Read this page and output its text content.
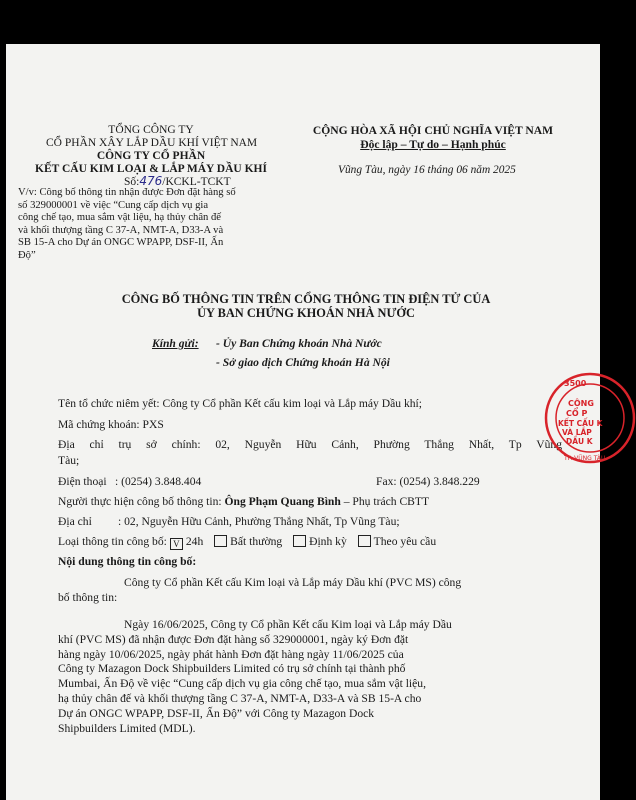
TỔNG CÔNG TY
CỔ PHẦN XÂY LẮP DẦU KHÍ VIỆT NAM
CÔNG TY CỔ PHẦN
KẾT CẤU KIM LOẠI & LẮP MÁY DẦU KHÍ
Số:476/KCKL-TCKT
V/v: Công bố thông tin nhận được Đơn đặt hàng số
số 329000001 về việc “Cung cấp dịch vụ gia
công chế tạo, mua sắm vật liệu, hạ thủy chân đế
và khối thượng tầng C 37-A, NMT-A, D33-A và
SB 15-A cho Dự án ONGC WPAPP, DSF-II, Ấn
Độ”
CỘNG HÒA XÃ HỘI CHỦ NGHĨA VIỆT NAM
Độc lập – Tự do – Hạnh phúc
Vũng Tàu, ngày 16 tháng 06 năm 2025
CÔNG BỐ THÔNG TIN TRÊN CỔNG THÔNG TIN ĐIỆN TỬ CỦA
ỦY BAN CHỨNG KHOÁN NHÀ NƯỚC
Kính gửi: - Ủy Ban Chứng khoán Nhà Nước
- Sở giao dịch Chứng khoán Hà Nội
Tên tổ chức niêm yết: Công ty Cổ phần Kết cấu kim loại và Lắp máy Dầu khí;
Mã chứng khoán: PXS
Địa chỉ trụ sở chính: 02, Nguyễn Hữu Cảnh, Phường Thắng Nhất, Tp Vũng
Tàu;
Điện thoại : (0254) 3.848.404	Fax: (0254) 3.848.229
Người thực hiện công bố thông tin: Ông Phạm Quang Bình – Phụ trách CBTT
Địa chỉ : 02, Nguyễn Hữu Cảnh, Phường Thắng Nhất, Tp Vũng Tàu;
Loại thông tin công bố: V 24h Bất thường Định kỳ Theo yêu cầu
Nội dung thông tin công bố:
Công ty Cổ phần Kết cấu Kim loại và Lắp máy Dầu khí (PVC MS) công
bố thông tin:
Ngày 16/06/2025, Công ty Cổ phần Kết cấu Kim loại và Lắp máy Dầu
khí (PVC MS) đã nhận được Đơn đặt hàng số 329000001, ngày ký Đơn đặt
hàng ngày 10/06/2025, ngày phát hành Đơn đặt hàng ngày 11/06/2025 của
Công ty Mazagon Dock Shipbuilders Limited có trụ sở chính tại thành phố
Mumbai, Ấn Độ về việc “Cung cấp dịch vụ gia công chế tạo, mua sắm vật liệu,
hạ thủy chân đế và khối thượng tầng C 37-A, NMT-A, D33-A và SB 15-A cho
Dự án ONGC WPAPP, DSF-II, Ấn Độ” với Công ty Mazagon Dock
Shipbuilders Limited (MDL).
3500
CÔNG
CỔ P
KẾT CẤU K
VÀ LẮP
DẦU K
TP. VŨNG TÀU
